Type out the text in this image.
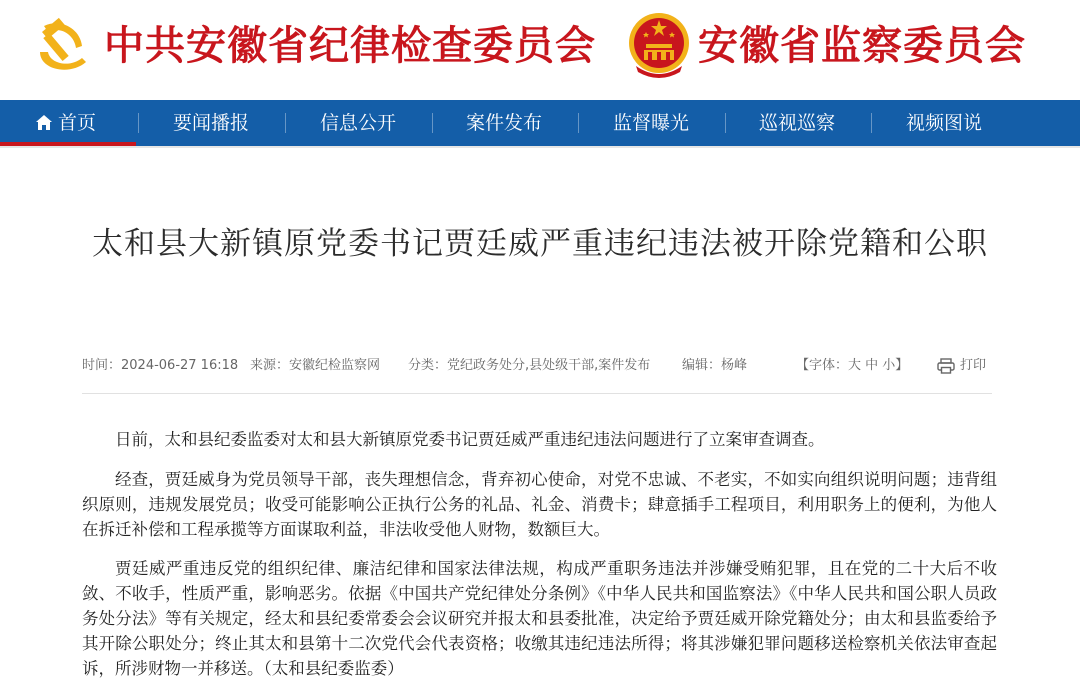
中共安徽省纪律检查委员会	安徽省监察委员会
首页	要闻播报	信息公开	案件发布	监督曝光	巡视巡察	视频图说
太和县大新镇原党委书记贾廷威严重违纪违法被开除党籍和公职
时间：2024-06-27 16:18 来源：安徽纪检监察网 分类：党纪政务处分,县处级干部,案件发布 编辑：杨峰	【字体：大 中 小】	打印

日前，太和县纪委监委对太和县大新镇原党委书记贾廷威严重违纪违法问题进行了立案审查调查。

经查，贾廷威身为党员领导干部，丧失理想信念，背弃初心使命，对党不忠诚、不老实，不如实向组织说明问题；违背组织原则，违规发展党员；收受可能影响公正执行公务的礼品、礼金、消费卡；肆意插手工程项目，利用职务上的便利，为他人在拆迁补偿和工程承揽等方面谋取利益，非法收受他人财物，数额巨大。

贾廷威严重违反党的组织纪律、廉洁纪律和国家法律法规，构成严重职务违法并涉嫌受贿犯罪，且在党的二十大后不收敛、不收手，性质严重，影响恶劣。依据《中国共产党纪律处分条例》《中华人民共和国监察法》《中华人民共和国公职人员政务处分法》等有关规定，经太和县纪委常委会会议研究并报太和县委批准，决定给予贾廷威开除党籍处分；由太和县监委给予其开除公职处分；终止其太和县第十二次党代会代表资格；收缴其违纪违法所得；将其涉嫌犯罪问题移送检察机关依法审查起诉，所涉财物一并移送。（太和县纪委监委）
